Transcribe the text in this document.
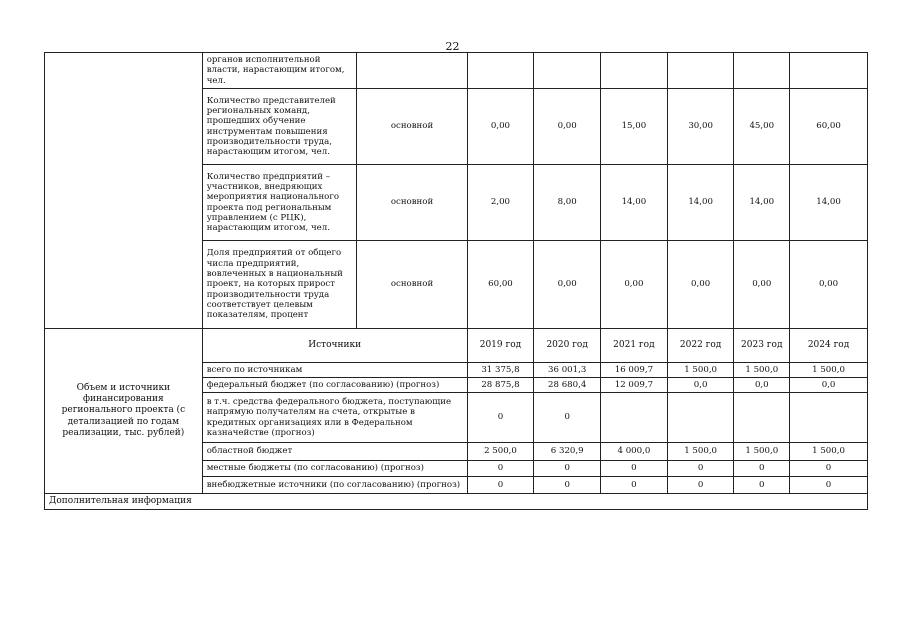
22
	органов исполнительной власти, нарастающим итогом, чел.							
	Количество представителей региональных команд, прошедших обучение инструментам повышения производительности труда, нарастающим итогом, чел.	основной	0,00	0,00	15,00	30,00	45,00	60,00
	Количество предприятий – участников, внедряющих мероприятия национального проекта под региональным управлением (с РЦК), нарастающим итогом, чел.	основной	2,00	8,00	14,00	14,00	14,00	14,00
	Доля предприятий от общего числа предприятий, вовлеченных в национальный проект, на которых прирост производительности труда соответствует целевым показателям, процент	основной	60,00	0,00	0,00	0,00	0,00	0,00
Объем и источники финансирования регионального проекта (с детализацией по годам реализации, тыс. рублей)	Источники		2019 год	2020 год	2021 год	2022 год	2023 год	2024 год
	всего по источникам		31 375,8	36 001,3	16 009,7	1 500,0	1 500,0	1 500,0
	федеральный бюджет (по согласованию) (прогноз)		28 875,8	28 680,4	12 009,7	0,0	0,0	0,0
	в т.ч. средства федерального бюджета, поступающие напрямую получателям на счета, открытые в кредитных организациях или в Федеральном казначействе (прогноз)		0	0				
	областной бюджет		2 500,0	6 320,9	4 000,0	1 500,0	1 500,0	1 500,0
	местные бюджеты (по согласованию) (прогноз)		0	0	0	0	0	0
	внебюджетные источники (по согласованию) (прогноз)		0	0	0	0	0	0
Дополнительная информация								
